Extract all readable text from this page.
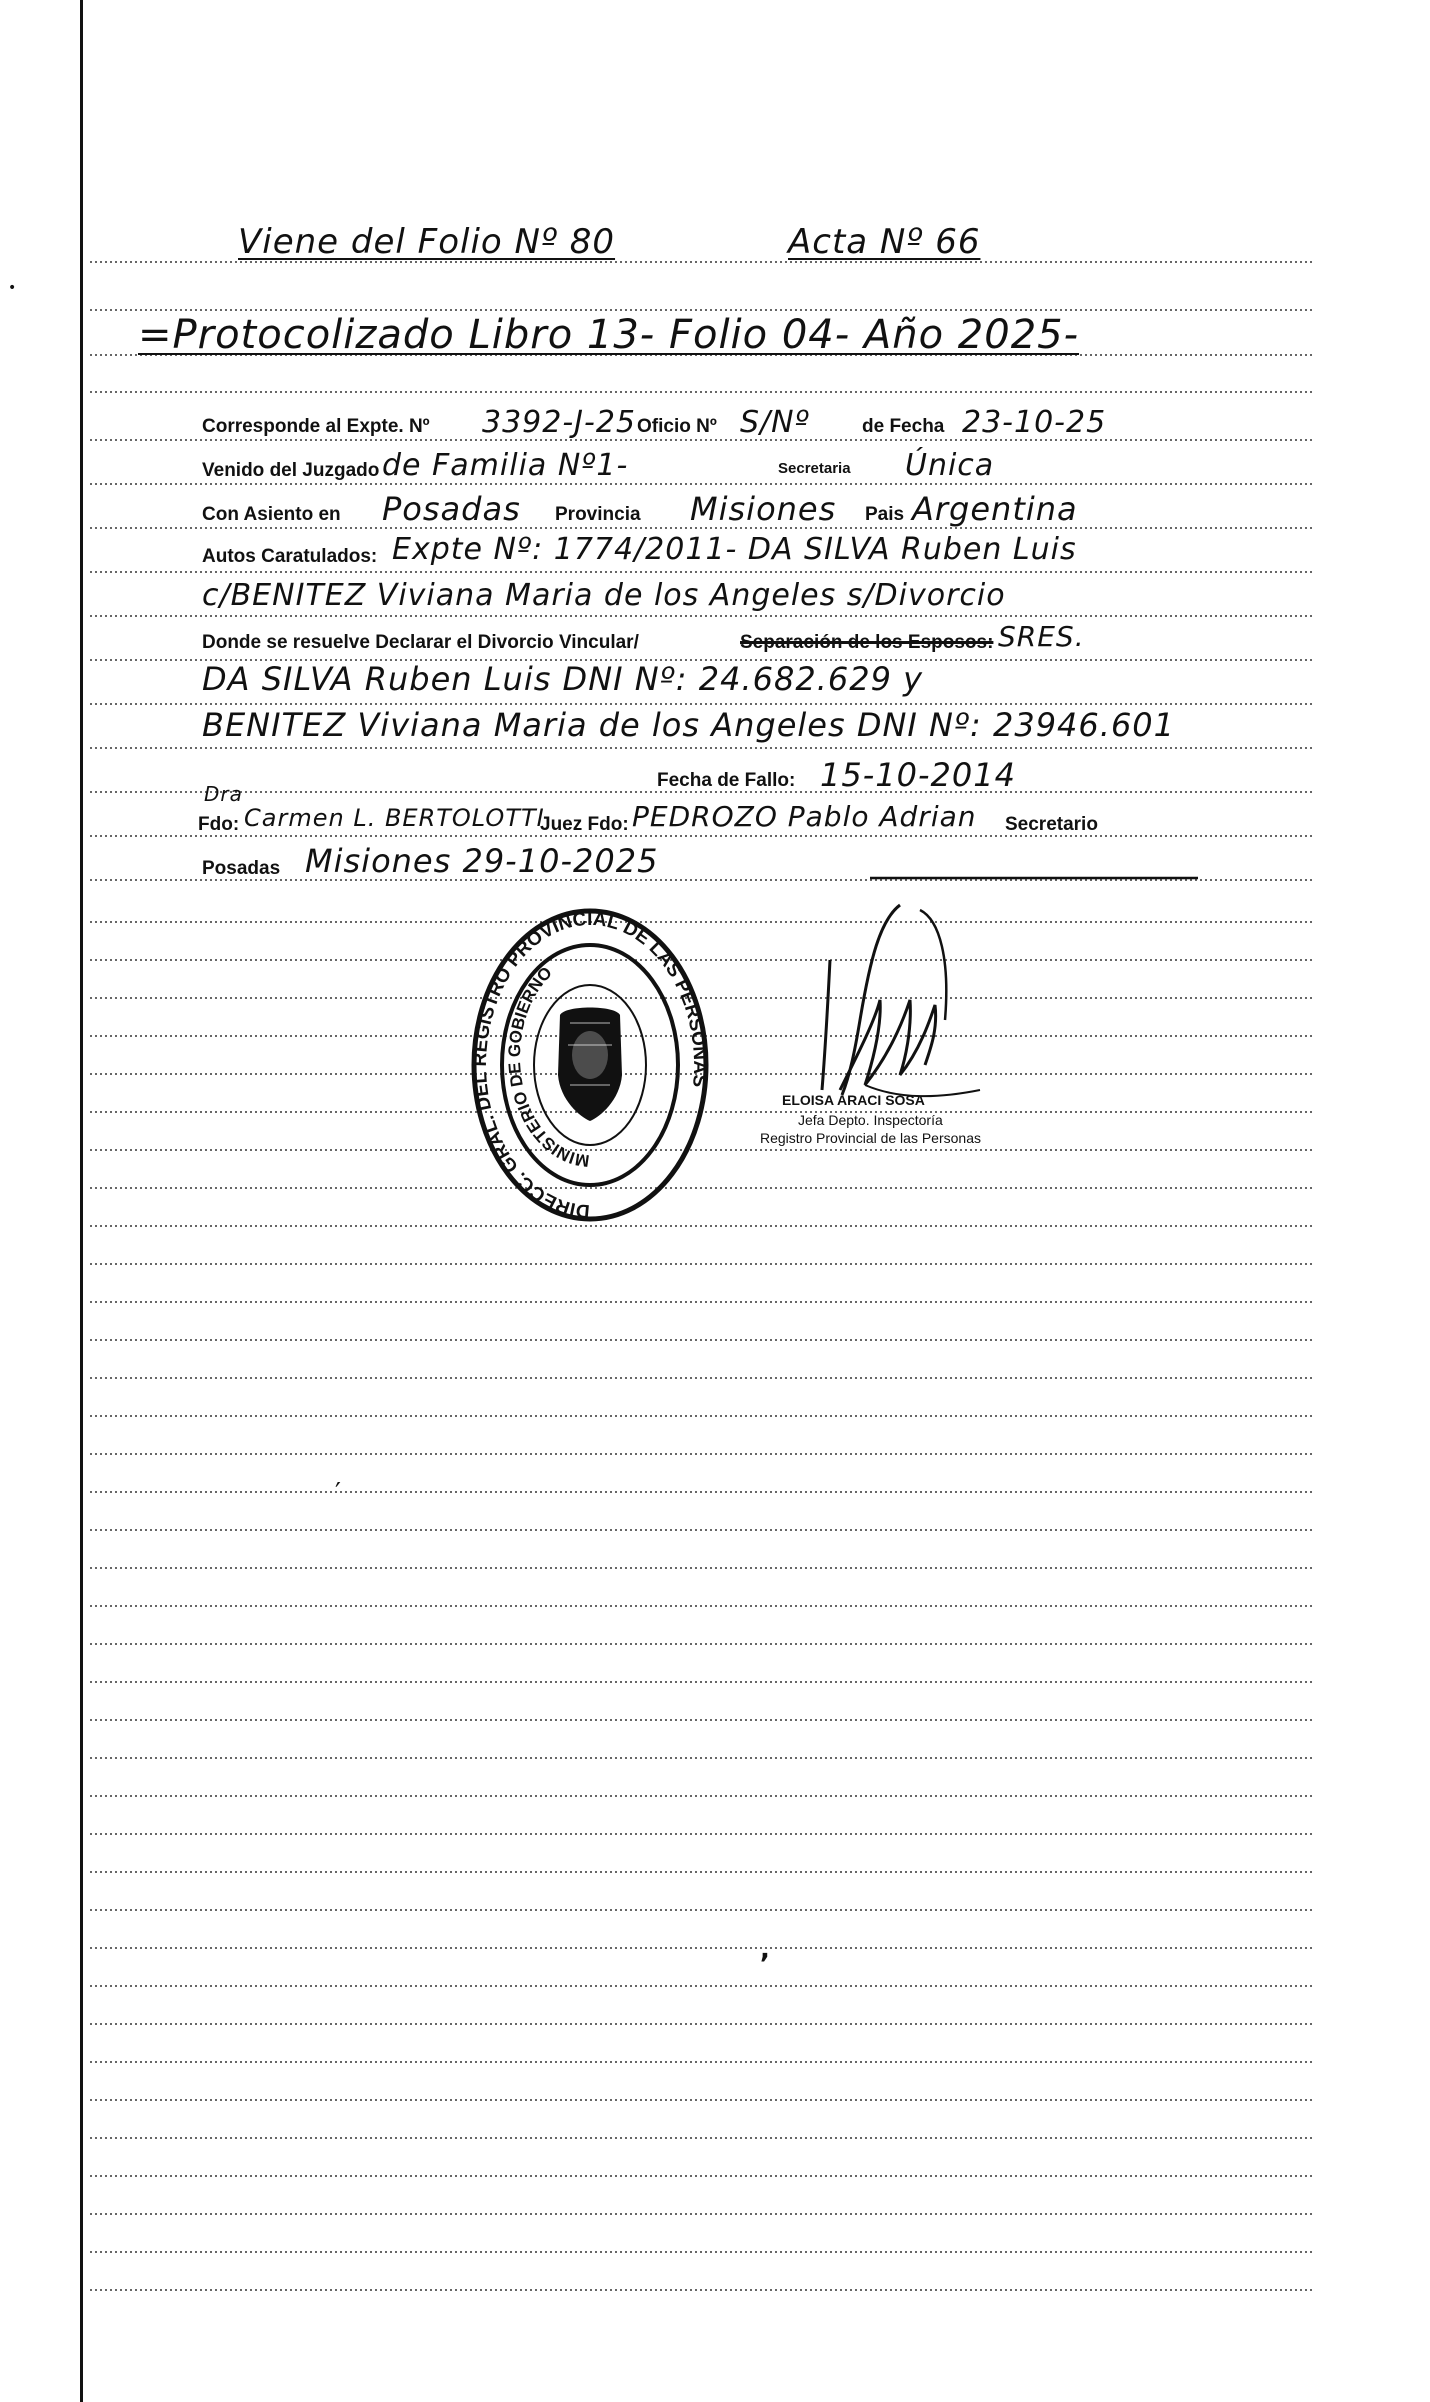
Viene del Folio Nº 80	Acta Nº 66
=Protocolizado Libro 13- Folio 04- Año 2025-
Corresponde al Expte. Nº 3392-J-25 Oficio Nº S/Nº	de Fecha 23-10-25
Venido del Juzgado de Familia Nº1-	Secretaria Única
Con Asiento en Posadas Provincia Misiones Pais Argentina
Autos Caratulados: Expte Nº: 1774/2011- DA SILVA Ruben Luis
c/BENITEZ Viviana Maria de los Angeles s/Divorcio
Donde se resuelve Declarar el Divorcio Vincular/	Separación de los Esposos: SRES.
DA SILVA Ruben Luis DNI Nº: 24.682.629 y
BENITEZ Viviana Maria de los Angeles DNI Nº: 23946.601
Fecha de Fallo: 15-10-2014
Dra
Fdo: Carmen L. BERTOLOTTI
Juez Fdo: PEDROZO Pablo Adrian Secretario
Posadas Misiones 29-10-2025
DIRECC. GRAL. DEL REGISTRO PROVINCIAL DE LAS PERSONAS
MINISTERIO DE GOBIERNO
ELOISA ARACI SOSA
Jefa Depto. Inspectoría
Registro Provincial de las Personas
′
,
•
